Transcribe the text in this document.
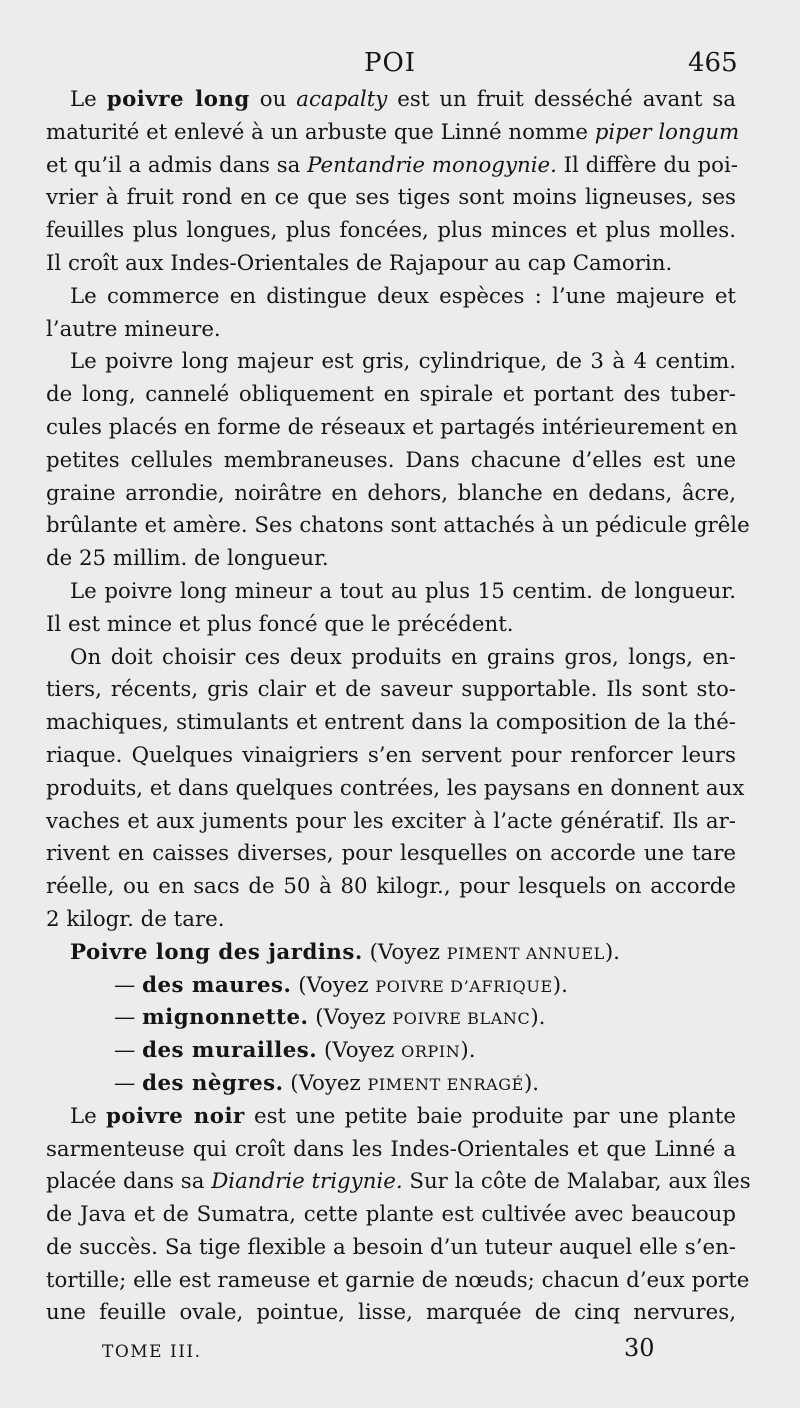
POI	465
Le poivre long ou acapalty est un fruit desséché avant sa
maturité et enlevé à un arbuste que Linné nomme piper longum
et qu’il a admis dans sa Pentandrie monogynie. Il diffère du poi-
vrier à fruit rond en ce que ses tiges sont moins ligneuses, ses
feuilles plus longues, plus foncées, plus minces et plus molles.
Il croît aux Indes-Orientales de Rajapour au cap Camorin.
Le commerce en distingue deux espèces : l’une majeure et
l’autre mineure.
Le poivre long majeur est gris, cylindrique, de 3 à 4 centim.
de long, cannelé obliquement en spirale et portant des tuber-
cules placés en forme de réseaux et partagés intérieurement en
petites cellules membraneuses. Dans chacune d’elles est une
graine arrondie, noirâtre en dehors, blanche en dedans, âcre,
brûlante et amère. Ses chatons sont attachés à un pédicule grêle
de 25 millim. de longueur.
Le poivre long mineur a tout au plus 15 centim. de longueur.
Il est mince et plus foncé que le précédent.
On doit choisir ces deux produits en grains gros, longs, en-
tiers, récents, gris clair et de saveur supportable. Ils sont sto-
machiques, stimulants et entrent dans la composition de la thé-
riaque. Quelques vinaigriers s’en servent pour renforcer leurs
produits, et dans quelques contrées, les paysans en donnent aux
vaches et aux juments pour les exciter à l’acte génératif. Ils ar-
rivent en caisses diverses, pour lesquelles on accorde une tare
réelle, ou en sacs de 50 à 80 kilogr., pour lesquels on accorde
2 kilogr. de tare.
Poivre long des jardins. (Voyez PIMENT ANNUEL).
— des maures. (Voyez POIVRE D’AFRIQUE).
— mignonnette. (Voyez POIVRE BLANC).
— des murailles. (Voyez ORPIN).
— des nègres. (Voyez PIMENT ENRAGÉ).
Le poivre noir est une petite baie produite par une plante
sarmenteuse qui croît dans les Indes-Orientales et que Linné a
placée dans sa Diandrie trigynie. Sur la côte de Malabar, aux îles
de Java et de Sumatra, cette plante est cultivée avec beaucoup
de succès. Sa tige flexible a besoin d’un tuteur auquel elle s’en-
tortille; elle est rameuse et garnie de nœuds; chacun d’eux porte
une feuille ovale, pointue, lisse, marquée de cinq nervures,
TOME III.	30
